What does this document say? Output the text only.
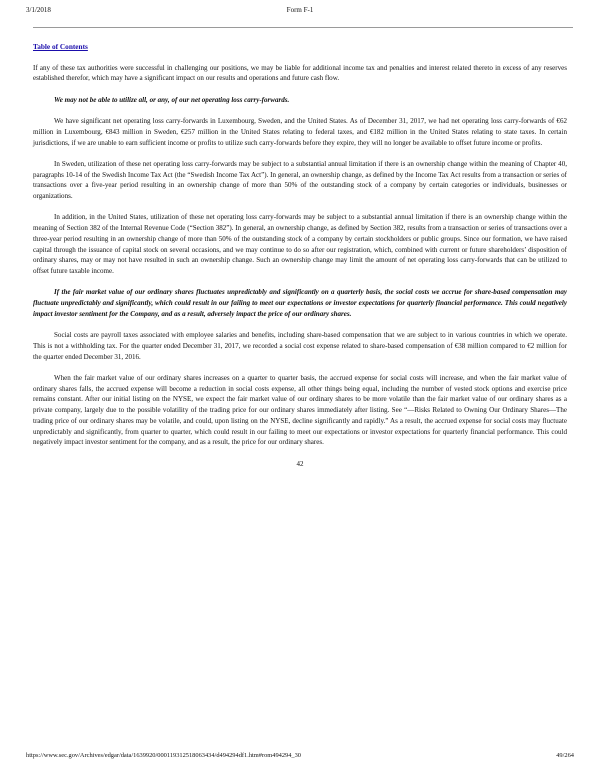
3/1/2018	Form F-1
Table of Contents

If any of these tax authorities were successful in challenging our positions, we may be liable for additional income tax and penalties and interest related thereto in excess of any reserves established therefor, which may have a significant impact on our results and operations and future cash flow.

We may not be able to utilize all, or any, of our net operating loss carry-forwards.

We have significant net operating loss carry-forwards in Luxembourg, Sweden, and the United States. As of December 31, 2017, we had net operating loss carry-forwards of €62 million in Luxembourg, €843 million in Sweden, €257 million in the United States relating to federal taxes, and €182 million in the United States relating to state taxes. In certain jurisdictions, if we are unable to earn sufficient income or profits to utilize such carry-forwards before they expire, they will no longer be available to offset future income or profits.

In Sweden, utilization of these net operating loss carry-forwards may be subject to a substantial annual limitation if there is an ownership change within the meaning of Chapter 40, paragraphs 10-14 of the Swedish Income Tax Act (the “Swedish Income Tax Act”). In general, an ownership change, as defined by the Income Tax Act results from a transaction or series of transactions over a five-year period resulting in an ownership change of more than 50% of the outstanding stock of a company by certain categories or individuals, businesses or organizations.

In addition, in the United States, utilization of these net operating loss carry-forwards may be subject to a substantial annual limitation if there is an ownership change within the meaning of Section 382 of the Internal Revenue Code (“Section 382”). In general, an ownership change, as defined by Section 382, results from a transaction or series of transactions over a three-year period resulting in an ownership change of more than 50% of the outstanding stock of a company by certain stockholders or public groups. Since our formation, we have raised capital through the issuance of capital stock on several occasions, and we may continue to do so after our registration, which, combined with current or future shareholders’ disposition of ordinary shares, may or may not have resulted in such an ownership change. Such an ownership change may limit the amount of net operating loss carry-forwards that can be utilized to offset future taxable income.

If the fair market value of our ordinary shares fluctuates unpredictably and significantly on a quarterly basis, the social costs we accrue for share-based compensation may fluctuate unpredictably and significantly, which could result in our failing to meet our expectations or investor expectations for quarterly financial performance. This could negatively impact investor sentiment for the Company, and as a result, adversely impact the price of our ordinary shares.

Social costs are payroll taxes associated with employee salaries and benefits, including share-based compensation that we are subject to in various countries in which we operate. This is not a withholding tax. For the quarter ended December 31, 2017, we recorded a social cost expense related to share-based compensation of €38 million compared to €2 million for the quarter ended December 31, 2016.

When the fair market value of our ordinary shares increases on a quarter to quarter basis, the accrued expense for social costs will increase, and when the fair market value of ordinary shares falls, the accrued expense will become a reduction in social costs expense, all other things being equal, including the number of vested stock options and exercise price remains constant. After our initial listing on the NYSE, we expect the fair market value of our ordinary shares to be more volatile than the fair market value of our ordinary shares as a private company, largely due to the possible volatility of the trading price for our ordinary shares immediately after listing. See “—Risks Related to Owning Our Ordinary Shares—The trading price of our ordinary shares may be volatile, and could, upon listing on the NYSE, decline significantly and rapidly.” As a result, the accrued expense for social costs may fluctuate unpredictably and significantly, from quarter to quarter, which could result in our failing to meet our expectations or investor expectations for quarterly financial performance. This could negatively impact investor sentiment for the company, and as a result, the price for our ordinary shares.

42
https://www.sec.gov/Archives/edgar/data/1639920/000119312518063434/d494294df1.htm#rom494294_30	49/264
